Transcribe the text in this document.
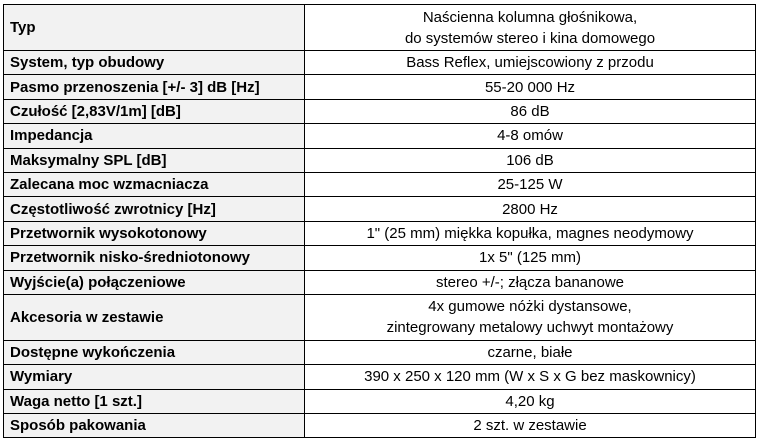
Typ	Naścienna kolumna głośnikowa,
do systemów stereo i kina domowego

System, typ obudowy	Bass Reflex, umiejscowiony z przodu
Pasmo przenoszenia [+/- 3] dB [Hz]	55-20 000 Hz
Czułość [2,83V/1m] [dB]	86 dB
Impedancja	4-8 omów
Maksymalny SPL [dB]	106 dB
Zalecana moc wzmacniacza	25-125 W
Częstotliwość zwrotnicy [Hz]	2800 Hz
Przetwornik wysokotonowy	1" (25 mm) miękka kopułka, magnes neodymowy
Przetwornik nisko-średniotonowy	1x 5" (125 mm)
Wyjście(a) połączeniowe	stereo +/-; złącza bananowe
Akcesoria w zestawie	4x gumowe nóżki dystansowe,
zintegrowany metalowy uchwyt montażowy

Dostępne wykończenia	czarne, białe
Wymiary	390 x 250 x 120 mm (W x S x G bez maskownicy)
Waga netto [1 szt.]	4,20 kg
Sposób pakowania	2 szt. w zestawie
